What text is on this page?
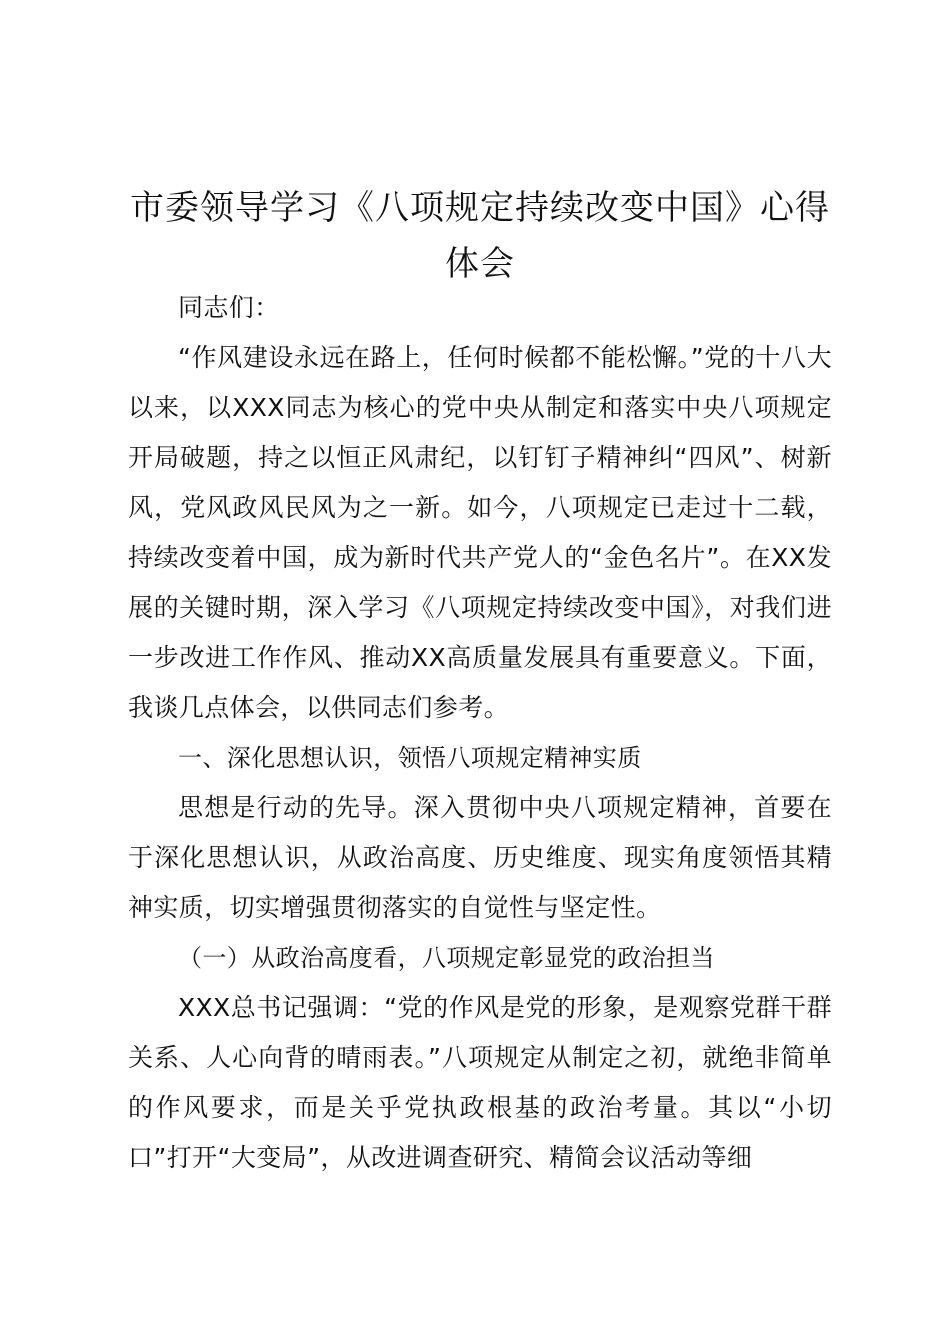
市委领导学习《八项规定持续改变中国》心得
体会

同志们：

“作风建设永远在路上，任何时候都不能松懈。”党的十八大以来，以XXX同志为核心的党中央从制定和落实中央八项规定开局破题，持之以恒正风肃纪，以钉钉子精神纠“四风”、树新风，党风政风民风为之一新。如今，八项规定已走过十二载，持续改变着中国，成为新时代共产党人的“金色名片”。在XX发展的关键时期，深入学习《八项规定持续改变中国》，对我们进一步改进工作作风、推动XX高质量发展具有重要意义。下面，我谈几点体会，以供同志们参考。

一、深化思想认识，领悟八项规定精神实质

思想是行动的先导。深入贯彻中央八项规定精神，首要在于深化思想认识，从政治高度、历史维度、现实角度领悟其精神实质，切实增强贯彻落实的自觉性与坚定性。

（一）从政治高度看，八项规定彰显党的政治担当

XXX总书记强调：“党的作风是党的形象，是观察党群干群关系、人心向背的晴雨表。”八项规定从制定之初，就绝非简单的作风要求，而是关乎党执政根基的政治考量。其以“小切口”打开“大变局”，从改进调查研究、精简会议活动等细
